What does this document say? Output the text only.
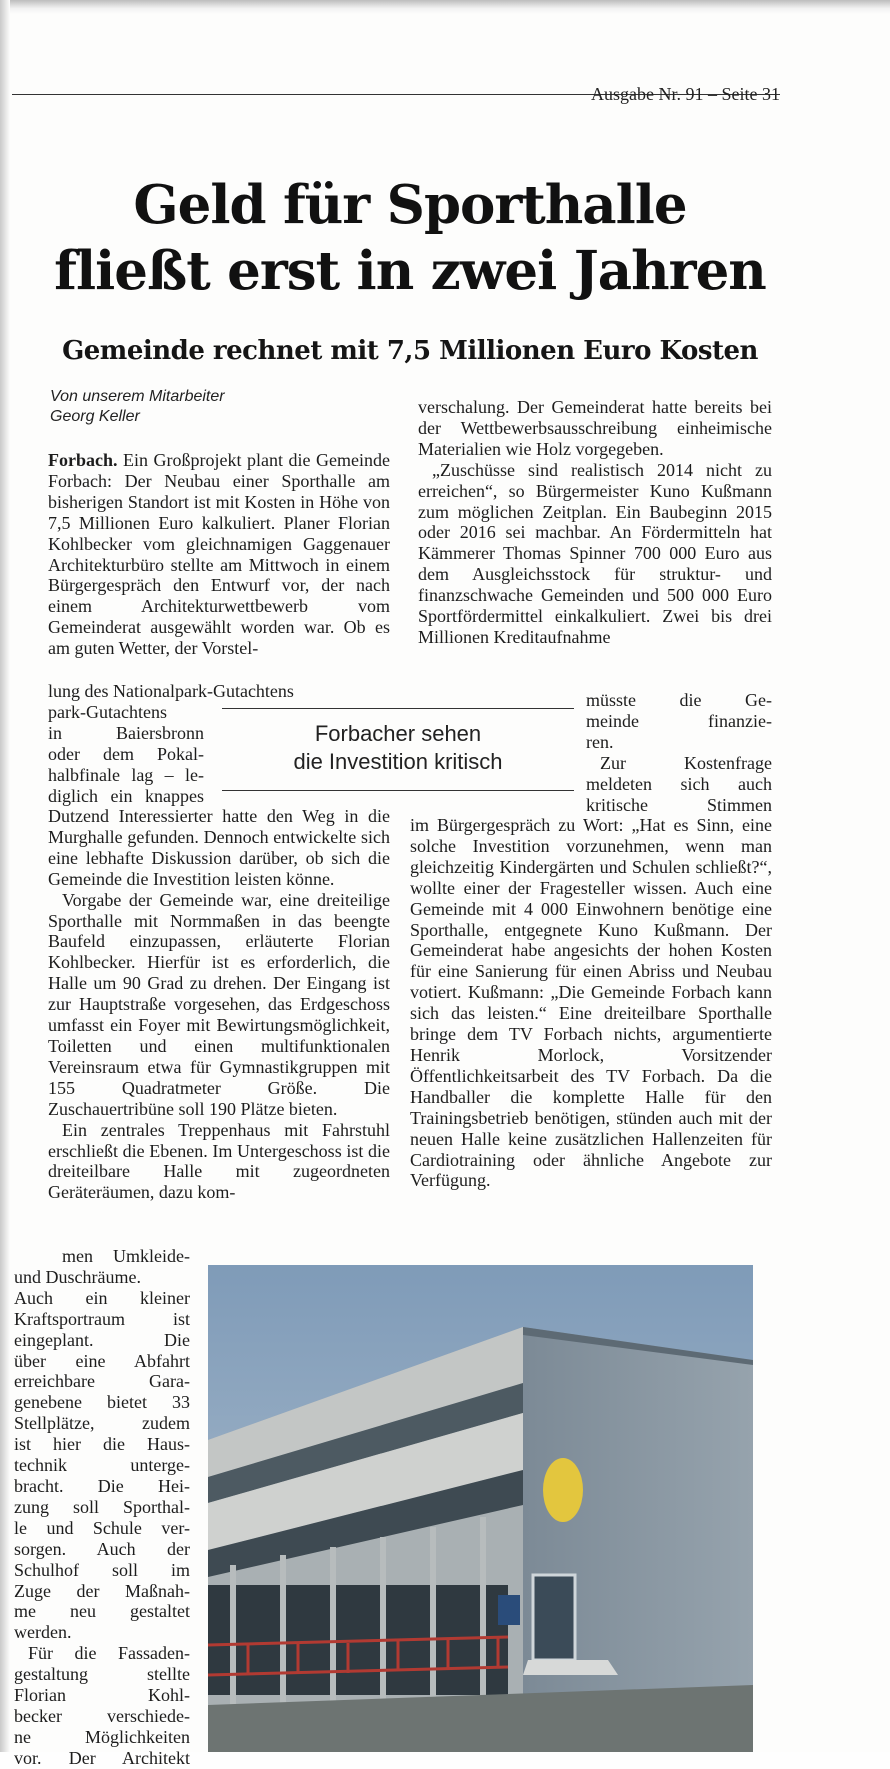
Ausgabe Nr. 91 – Seite 31
Geld für Sporthalle
fließt erst in zwei Jahren
Gemeinde rechnet mit 7,5 Millionen Euro Kosten
Von unserem Mitarbeiter
Georg Keller

Forbach. Ein Großprojekt plant die Gemeinde Forbach: Der Neubau einer Sporthalle am bisherigen Standort ist mit Kosten in Höhe von 7,5 Millionen Euro kalkuliert. Planer Florian Kohlbecker vom gleichnamigen Gaggenauer Architekturbüro stellte am Mittwoch in einem Bürgergespräch den Entwurf vor, der nach einem Architekturwettbewerb vom Gemeinderat ausgewählt worden war. Ob es am guten Wetter, der Vorstel-

lung des Nationalpark-Gutachtens
park-Gutachtens
in Baiersbronn
oder dem Pokal-
halbfinale lag – le-
diglich ein knappes

Dutzend Interessierter hatte den Weg in die Murghalle gefunden. Dennoch entwickelte sich eine lebhafte Diskussion darüber, ob sich die Gemeinde die Investition leisten könne.

Vorgabe der Gemeinde war, eine dreiteilige Sporthalle mit Normmaßen in das beengte Baufeld einzupassen, erläuterte Florian Kohlbecker. Hierfür ist es erforderlich, die Halle um 90 Grad zu drehen. Der Eingang ist zur Hauptstraße vorgesehen, das Erdgeschoss umfasst ein Foyer mit Bewirtungsmöglichkeit, Toiletten und einen multifunktionalen Vereinsraum etwa für Gymnastikgruppen mit 155 Quadratmeter Größe. Die Zuschauertribüne soll 190 Plätze bieten.

Ein zentrales Treppenhaus mit Fahrstuhl erschließt die Ebenen. Im Untergeschoss ist die dreiteilbare Halle mit zugeordneten Geräteräumen, dazu kom-

men Umkleide-
und Duschräume.
Auch ein kleiner
Kraftsportraum ist
eingeplant. Die
über eine Abfahrt
erreichbare Gara-
genebene bietet 33
Stellplätze, zudem
ist hier die Haus-
technik unterge-
bracht. Die Hei-
zung soll Sporthal-
le und Schule ver-
sorgen. Auch der
Schulhof soll im
Zuge der Maßnah-
me neu gestaltet
werden.
Für die Fassaden-
gestaltung stellte
Florian Kohl-
becker verschiede-
ne Möglichkeiten
vor. Der Architekt

verschalung. Der Gemeinderat hatte bereits bei der Wettbewerbsausschreibung einheimische Materialien wie Holz vorgegeben.

„Zuschüsse sind realistisch 2014 nicht zu erreichen“, so Bürgermeister Kuno Kußmann zum möglichen Zeitplan. Ein Baubeginn 2015 oder 2016 sei machbar. An Fördermitteln hat Kämmerer Thomas Spinner 700 000 Euro aus dem Ausgleichsstock für struktur- und finanzschwache Gemeinden und 500 000 Euro Sportfördermittel einkalkuliert. Zwei bis drei Millionen Kreditaufnahme

müsste die Ge-
meinde finanzie-
ren.
Zur Kostenfrage
meldeten sich auch
kritische Stimmen

im Bürgergespräch zu Wort: „Hat es Sinn, eine solche Investition vorzunehmen, wenn man gleichzeitig Kindergärten und Schulen schließt?“, wollte einer der Fragesteller wissen. Auch eine Gemeinde mit 4 000 Einwohnern benötige eine Sporthalle, entgegnete Kuno Kußmann. Der Gemeinderat habe angesichts der hohen Kosten für eine Sanierung für einen Abriss und Neubau votiert. Kußmann: „Die Gemeinde Forbach kann sich das leisten.“ Eine dreiteilbare Sporthalle bringe dem TV Forbach nichts, argumentierte Henrik Morlock, Vorsitzender Öffentlichkeitsarbeit des TV Forbach. Da die Handballer die komplette Halle für den Trainingsbetrieb benötigen, stünden auch mit der neuen Halle keine zusätzlichen Hallenzeiten für Cardiotraining oder ähnliche Angebote zur Verfügung.

Forbacher sehen
die Investition kritisch
